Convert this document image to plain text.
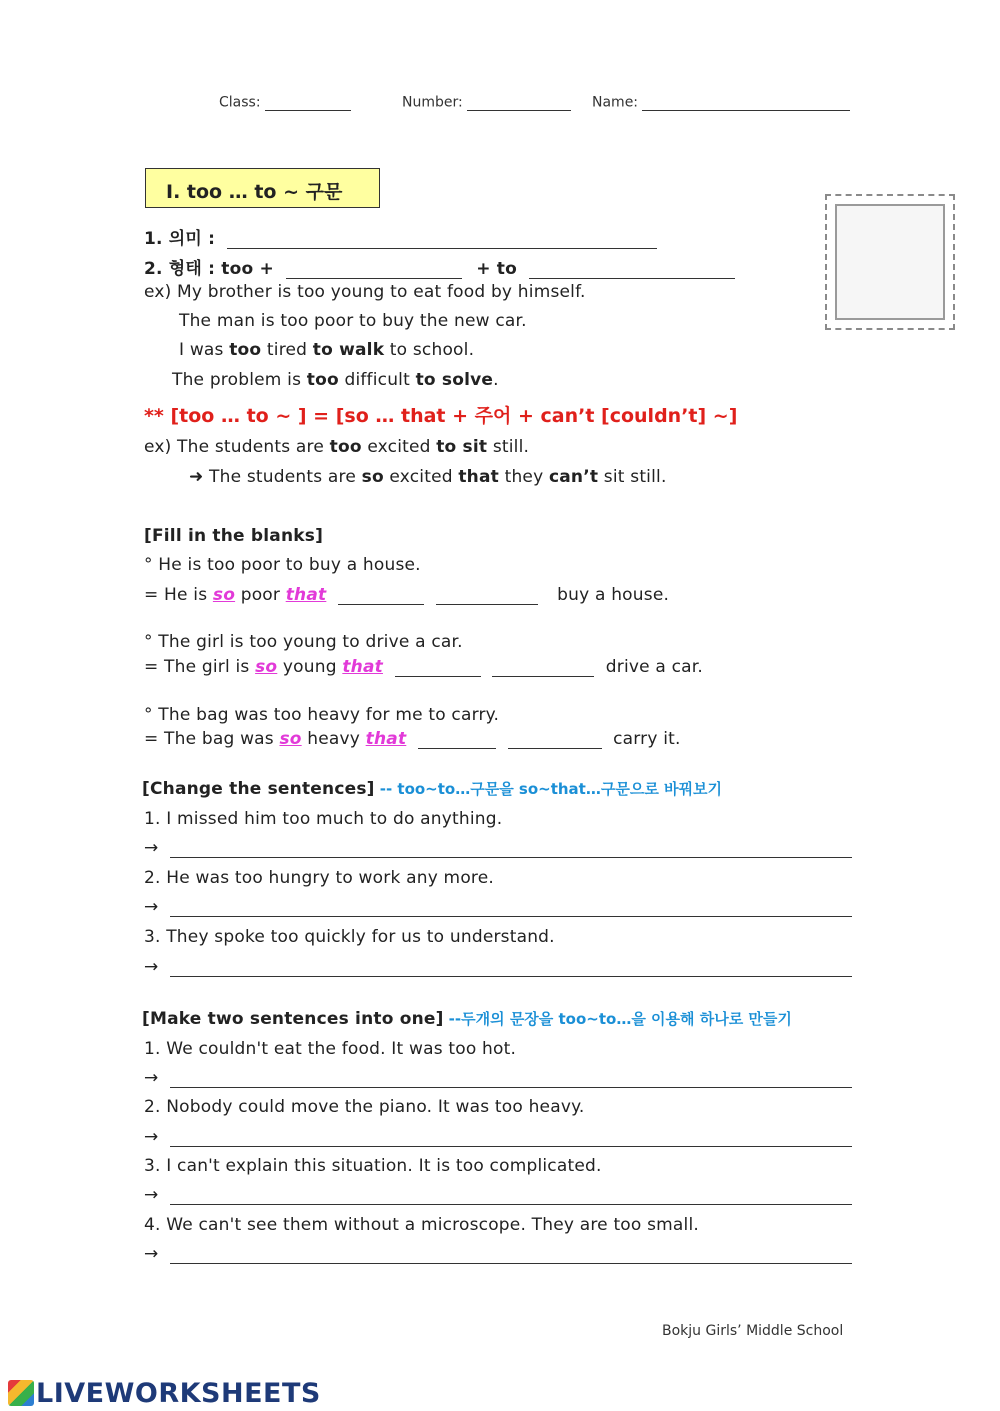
Class:	Number:	Name:
I. too … to ~ 구문
1. 의미 :
2. 형태 : too +	+ to
ex) My brother is too young to eat food by himself.
The man is too poor to buy the new car.
I was too tired to walk to school.
The problem is too difficult to solve.
** [too … to ~ ] = [so … that + 주어 + can’t [couldn’t] ~]
ex) The students are too excited to sit still.
➜ The students are so excited that they can’t sit still.
[Fill in the blanks]
° He is too poor to buy a house.
= He is so poor that	buy a house.
° The girl is too young to drive a car.
= The girl is so young that	drive a car.
° The bag was too heavy for me to carry.
= The bag was so heavy that	carry it.
[Change the sentences] -- too~to…구문을 so~that…구문으로 바꿔보기
1. I missed him too much to do anything.
→
2. He was too hungry to work any more.
→
3. They spoke too quickly for us to understand.
→
[Make two sentences into one] --두개의 문장을 too~to…을 이용해 하나로 만들기
1. We couldn't eat the food. It was too hot.
→
2. Nobody could move the piano. It was too heavy.
→
3. I can't explain this situation. It is too complicated.
→
4. We can't see them without a microscope. They are too small.
→
Bokju Girls’ Middle School
LIVEWORKSHEETS
